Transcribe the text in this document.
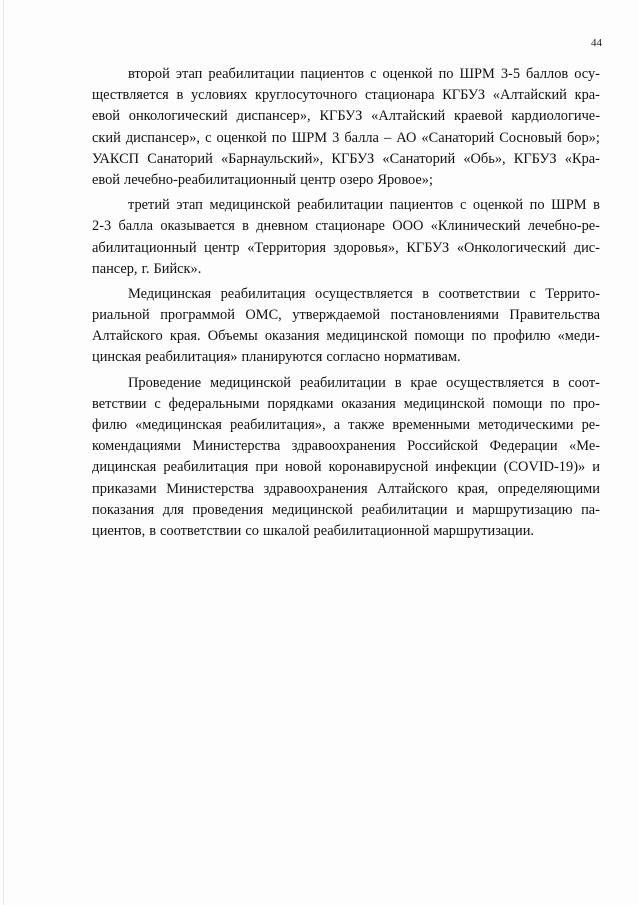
44
второй этап реабилитации пациентов с оценкой по ШРМ 3-5 баллов осу-
ществляется в условиях круглосуточного стационара КГБУЗ «Алтайский кра-
евой онкологический диспансер», КГБУЗ «Алтайский краевой кардиологиче-
ский диспансер», с оценкой по ШРМ 3 балла – АО «Санаторий Сосновый бор»;
УАКСП Санаторий «Барнаульский», КГБУЗ «Санаторий «Обь», КГБУЗ «Кра-
евой лечебно-реабилитационный центр озеро Яровое»;
третий этап медицинской реабилитации пациентов с оценкой по ШРМ в
2-3 балла оказывается в дневном стационаре ООО «Клинический лечебно-ре-
абилитационный центр «Территория здоровья», КГБУЗ «Онкологический дис-
пансер, г. Бийск».
Медицинская реабилитация осуществляется в соответствии с Террито-
риальной программой ОМС, утверждаемой постановлениями Правительства
Алтайского края. Объемы оказания медицинской помощи по профилю «меди-
цинская реабилитация» планируются согласно нормативам.
Проведение медицинской реабилитации в крае осуществляется в соот-
ветствии с федеральными порядками оказания медицинской помощи по про-
филю «медицинская реабилитация», а также временными методическими ре-
комендациями Министерства здравоохранения Российской Федерации «Ме-
дицинская реабилитация при новой коронавирусной инфекции (COVID-19)» и
приказами Министерства здравоохранения Алтайского края, определяющими
показания для проведения медицинской реабилитации и маршрутизацию па-
циентов, в соответствии со шкалой реабилитационной маршрутизации.
